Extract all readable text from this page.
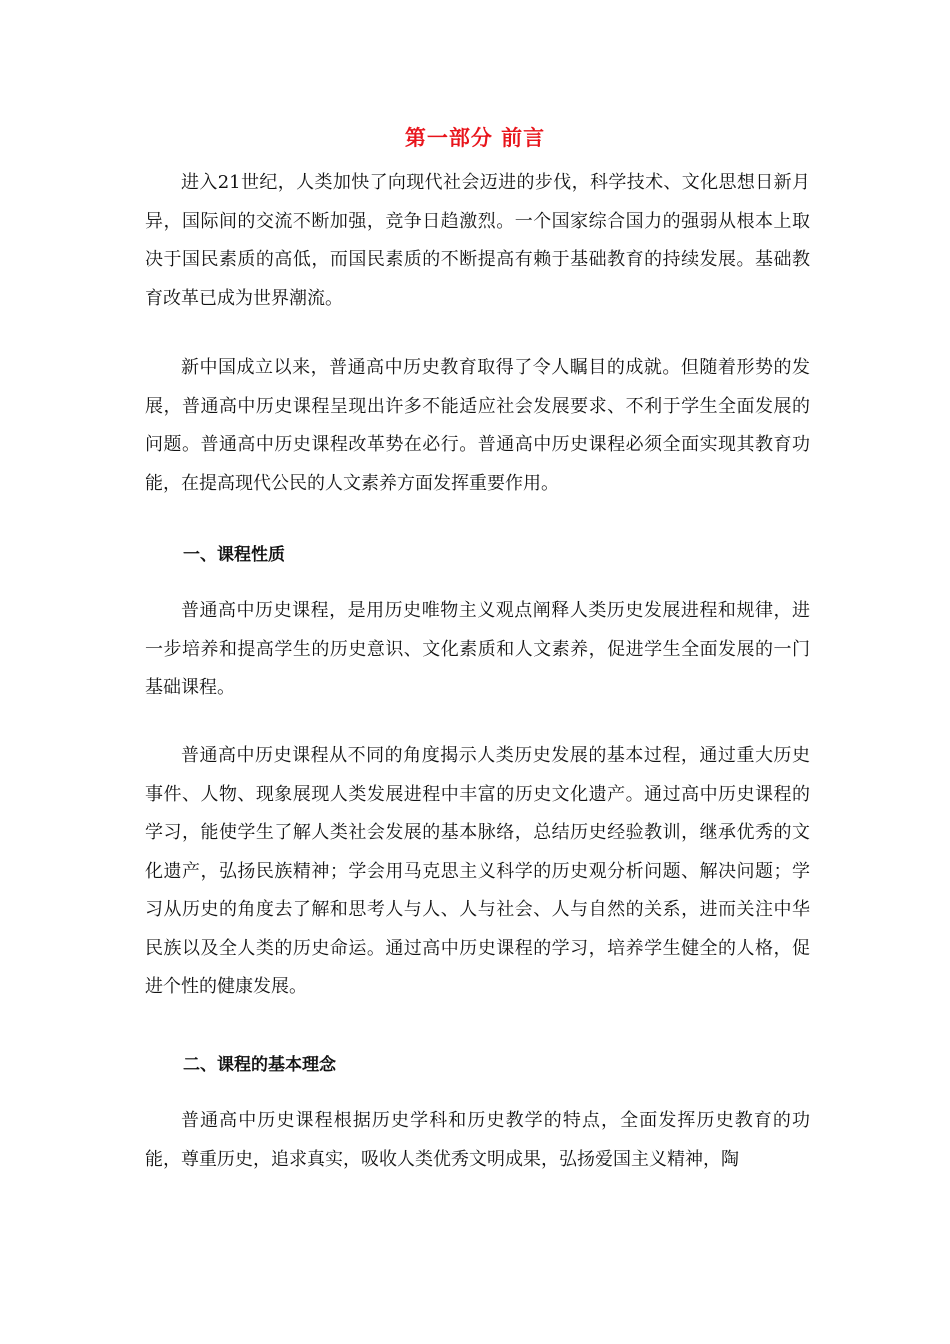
第一部分 前言

进入21世纪，人类加快了向现代社会迈进的步伐，科学技术、文化思想日新月异，国际间的交流不断加强，竞争日趋激烈。一个国家综合国力的强弱从根本上取决于国民素质的高低，而国民素质的不断提高有赖于基础教育的持续发展。基础教育改革已成为世界潮流。

新中国成立以来，普通高中历史教育取得了令人瞩目的成就。但随着形势的发展，普通高中历史课程呈现出许多不能适应社会发展要求、不利于学生全面发展的问题。普通高中历史课程改革势在必行。普通高中历史课程必须全面实现其教育功能，在提高现代公民的人文素养方面发挥重要作用。

一、课程性质

普通高中历史课程，是用历史唯物主义观点阐释人类历史发展进程和规律，进一步培养和提高学生的历史意识、文化素质和人文素养，促进学生全面发展的一门基础课程。

普通高中历史课程从不同的角度揭示人类历史发展的基本过程，通过重大历史事件、人物、现象展现人类发展进程中丰富的历史文化遗产。通过高中历史课程的学习，能使学生了解人类社会发展的基本脉络，总结历史经验教训，继承优秀的文化遗产，弘扬民族精神；学会用马克思主义科学的历史观分析问题、解决问题；学习从历史的角度去了解和思考人与人、人与社会、人与自然的关系，进而关注中华民族以及全人类的历史命运。通过高中历史课程的学习，培养学生健全的人格，促进个性的健康发展。

二、课程的基本理念

普通高中历史课程根据历史学科和历史教学的特点，全面发挥历史教育的功能，尊重历史，追求真实，吸收人类优秀文明成果，弘扬爱国主义精神，陶
